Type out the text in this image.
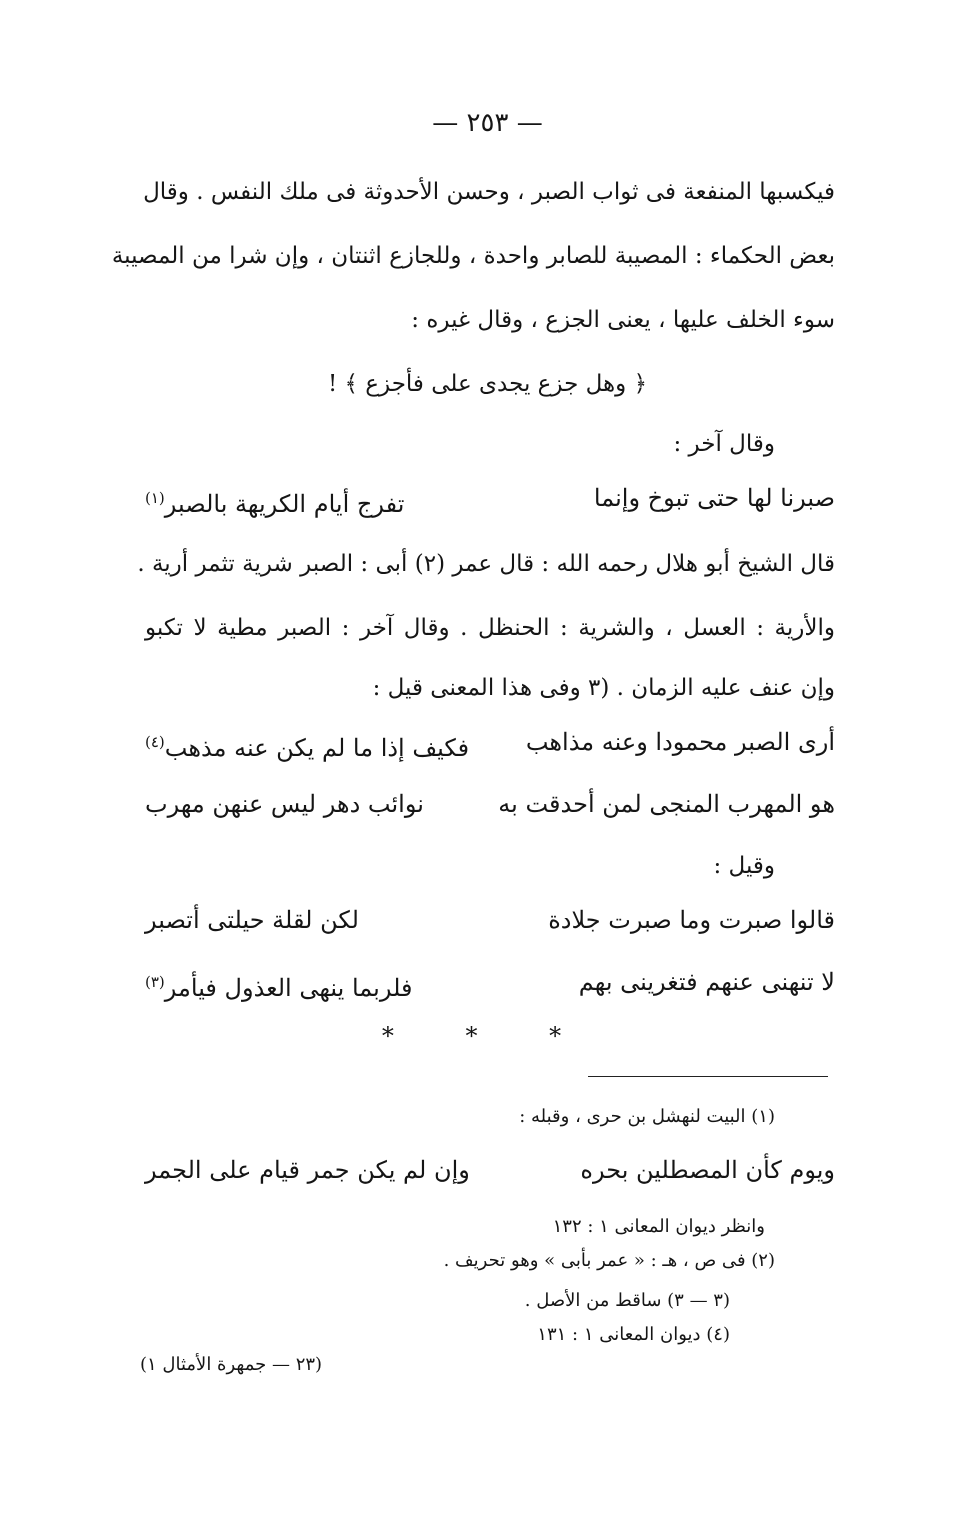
— ٢٥٣ —
فيكسبها المنفعة فى ثواب الصبر ، وحسن الأحدوثة فى ملك النفس . وقال
بعض الحكماء : المصيبة للصابر واحدة ، وللجازع اثنتان ، وإن شرا من المصيبة
سوء الخلف عليها ، يعنى الجزع ، وقال غيره :
﴿ وهل جزع يجدى على فأجزع ﴾ !
وقال آخر :
صبرنا لها حتى تبوخ وإنما
تفرج أيام الكريهة بالصبر$^{(١)}$
قال الشيخ أبو هلال رحمه الله : قال عمر (٢) أبى : الصبر شرية تثمر أرية .
والأرية : العسل ، والشرية : الحنظل . وقال آخر : الصبر مطية لا تكبو
وإن عنف عليه الزمان . (٣ وفى هذا المعنى قيل :
أرى الصبر محمودا وعنه مذاهب
فكيف إذا ما لم يكن عنه مذهب$^{(٤)}$
هو المهرب المنجى لمن أحدقت به
نوائب دهر ليس عنهن مهرب
وقيل :
قالوا صبرت وما صبرت جلادة
لكن لقلة حيلتى أتصبر
لا تنهنى عنهم فتغرينى بهم
فلربما ينهى العذول فيأمر$^{(٣)}$
* * *
(١) البيت لنهشل بن حرى ، وقبله :
ويوم كأن المصطلين بحره
وإن لم يكن جمر قيام على الجمر
وانظر ديوان المعانى ١ : ١٣٢
(٢) فى ص ، هـ : « عمر بأبى » وهو تحريف .
(٣ — ٣) ساقط من الأصل .
(٤) ديوان المعانى ١ : ١٣١
(٢٣ — جمهرة الأمثال ١)
